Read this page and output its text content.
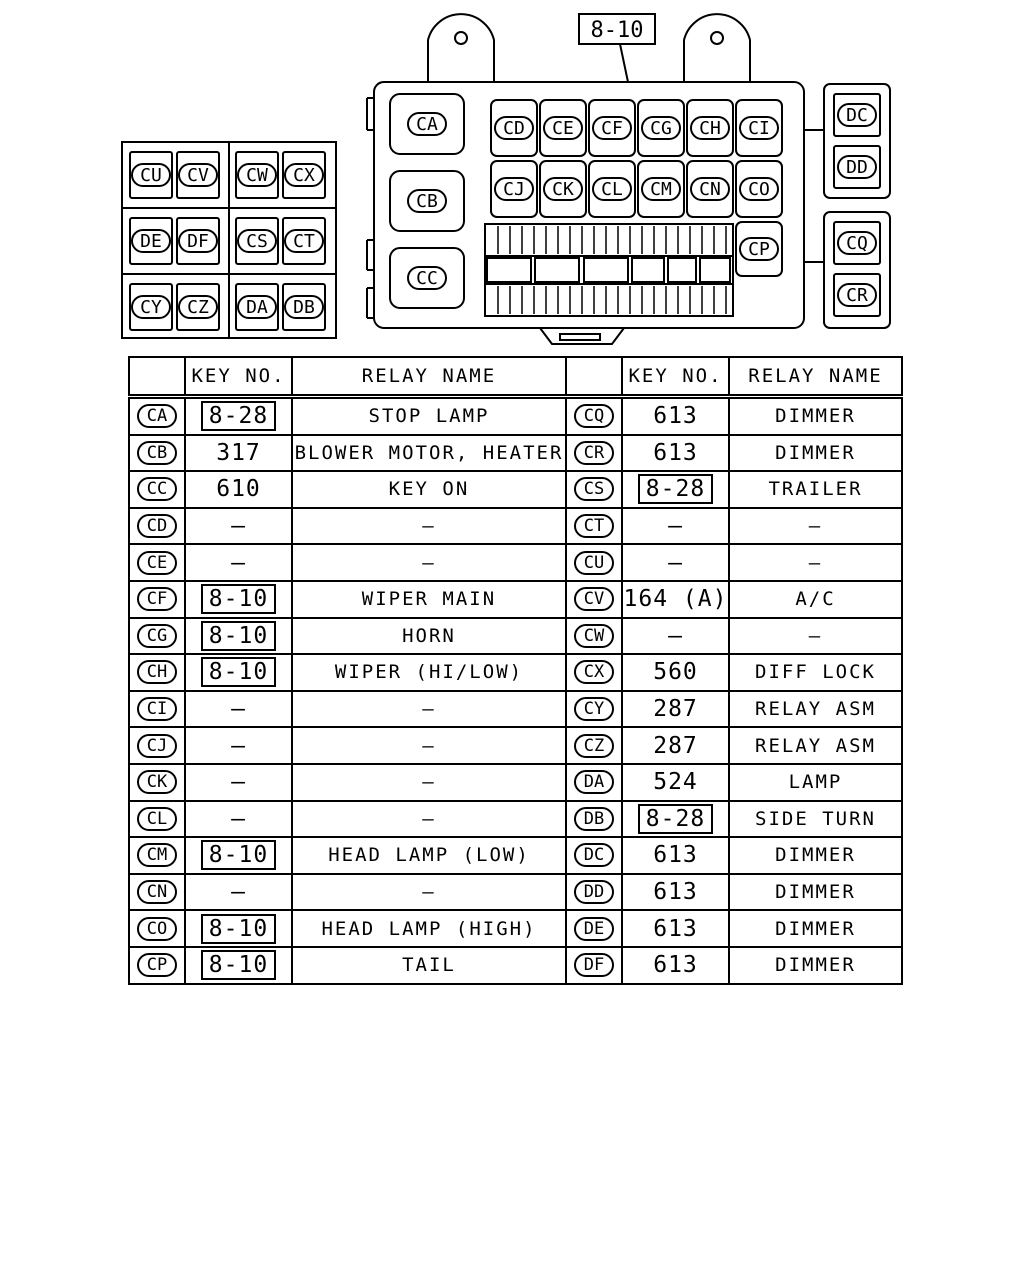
CU CV CW CX
DE DF CS CT
CY CZ DA DB
CA
CB
CC
CD CE CF CG CH CI
CJ CK CL CM CN CO
CP
DC
DD
CQ
CR
8-10
	KEY NO.	RELAY NAME		KEY NO.	RELAY NAME
CA	8-28	STOP LAMP	CQ	613	DIMMER
CB	317	BLOWER MOTOR, HEATER	CR	613	DIMMER
CC	610	KEY ON	CS	8-28	TRAILER
CD	—	—	CT	—	—
CE	—	—	CU	—	—
CF	8-10	WIPER MAIN	CV	164 (A)	A/C
CG	8-10	HORN	CW	—	—
CH	8-10	WIPER (HI/LOW)	CX	560	DIFF LOCK
CI	—	—	CY	287	RELAY ASM
CJ	—	—	CZ	287	RELAY ASM
CK	—	—	DA	524	LAMP
CL	—	—	DB	8-28	SIDE TURN
CM	8-10	HEAD LAMP (LOW)	DC	613	DIMMER
CN	—	—	DD	613	DIMMER
CO	8-10	HEAD LAMP (HIGH)	DE	613	DIMMER
CP	8-10	TAIL	DF	613	DIMMER
